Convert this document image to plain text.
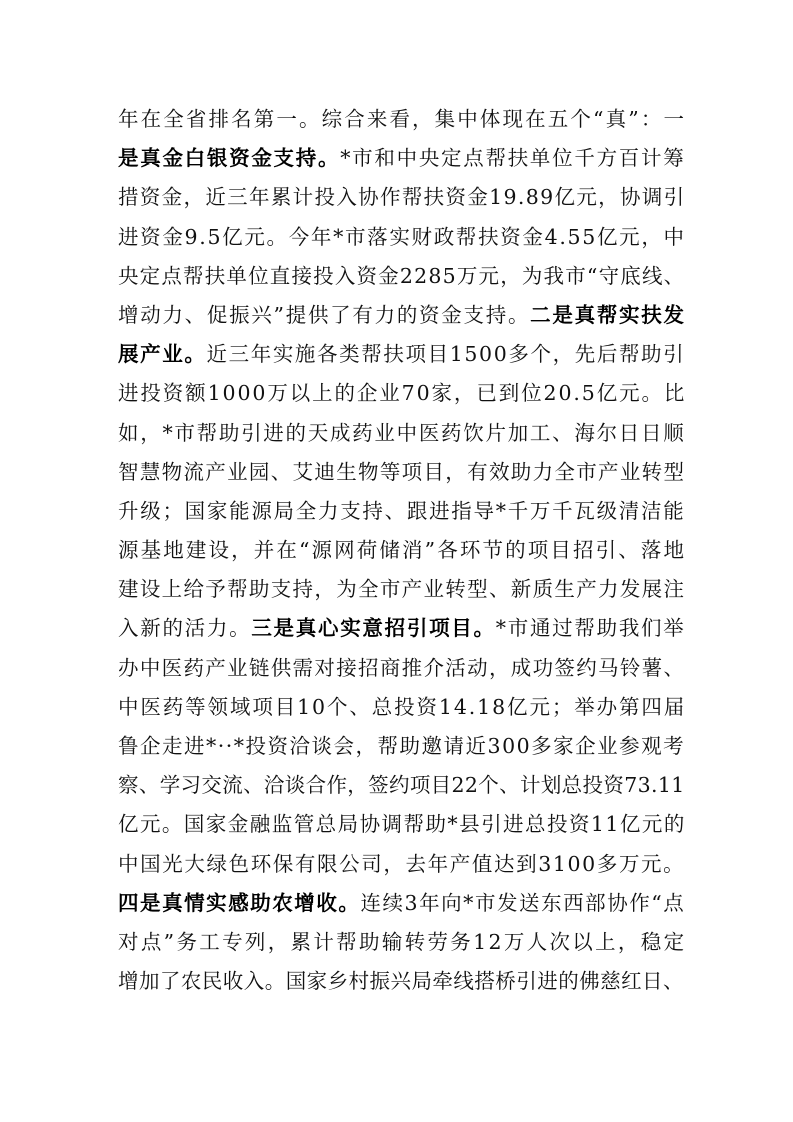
年在全省排名第一。综合来看，集中体现在五个“真”：一
是真金白银资金支持。*市和中央定点帮扶单位千方百计筹
措资金，近三年累计投入协作帮扶资金19.89亿元，协调引
进资金9.5亿元。今年*市落实财政帮扶资金4.55亿元，中
央定点帮扶单位直接投入资金2285万元，为我市“守底线、
增动力、促振兴”提供了有力的资金支持。二是真帮实扶发
展产业。近三年实施各类帮扶项目1500多个，先后帮助引
进投资额1000万以上的企业70家，已到位20.5亿元。比
如，*市帮助引进的天成药业中医药饮片加工、海尔日日顺
智慧物流产业园、艾迪生物等项目，有效助力全市产业转型
升级；国家能源局全力支持、跟进指导*千万千瓦级清洁能
源基地建设，并在“源网荷储消”各环节的项目招引、落地
建设上给予帮助支持，为全市产业转型、新质生产力发展注
入新的活力。三是真心实意招引项目。*市通过帮助我们举
办中医药产业链供需对接招商推介活动，成功签约马铃薯、
中医药等领域项目10个、总投资14.18亿元；举办第四届
鲁企走进*··*投资洽谈会，帮助邀请近300多家企业参观考
察、学习交流、洽谈合作，签约项目22个、计划总投资73.11
亿元。国家金融监管总局协调帮助*县引进总投资11亿元的
中国光大绿色环保有限公司，去年产值达到3100多万元。
四是真情实感助农增收。连续3年向*市发送东西部协作“点
对点”务工专列，累计帮助输转劳务12万人次以上，稳定
增加了农民收入。国家乡村振兴局牵线搭桥引进的佛慈红日、
